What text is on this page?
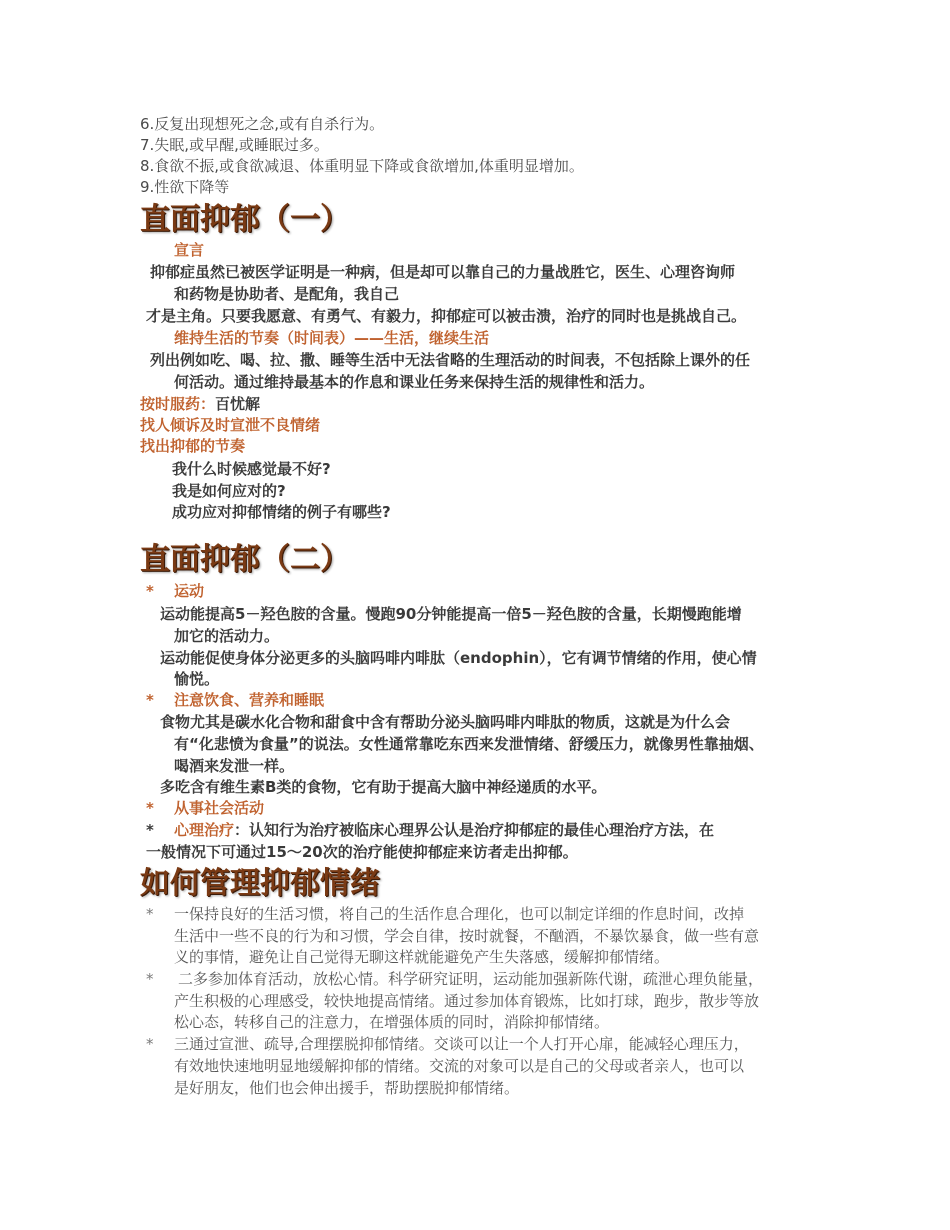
6.反复出现想死之念,或有自杀行为。
7.失眠,或早醒,或睡眠过多。
8.食欲不振,或食欲减退、体重明显下降或食欲增加,体重明显增加。
9.性欲下降等
直面抑郁（一）
宣言
抑郁症虽然已被医学证明是一种病，但是却可以靠自己的力量战胜它，医生、心理咨询师
和药物是协助者、是配角，我自己
才是主角。只要我愿意、有勇气、有毅力，抑郁症可以被击溃，治疗的同时也是挑战自己。
维持生活的节奏（时间表）——生活，继续生活
列出例如吃、喝、拉、撒、睡等生活中无法省略的生理活动的时间表，不包括除上课外的任
何活动。通过维持最基本的作息和课业任务来保持生活的规律性和活力。
按时服药：百忧解
找人倾诉及时宣泄不良情绪
找出抑郁的节奏
我什么时候感觉最不好?
我是如何应对的?
成功应对抑郁情绪的例子有哪些?
直面抑郁（二）
* 运动
运动能提高5－羟色胺的含量。慢跑90分钟能提高一倍5－羟色胺的含量，长期慢跑能增
加它的活动力。
运动能促使身体分泌更多的头脑吗啡内啡肽（endophin），它有调节情绪的作用，使心情
愉悦。
* 注意饮食、营养和睡眠
食物尤其是碳水化合物和甜食中含有帮助分泌头脑吗啡内啡肽的物质，这就是为什么会
有“化悲愤为食量”的说法。女性通常靠吃东西来发泄情绪、舒缓压力，就像男性靠抽烟、
喝酒来发泄一样。
多吃含有维生素B类的食物，它有助于提高大脑中神经递质的水平。
* 从事社会活动
* 心理治疗：认知行为治疗被临床心理界公认是治疗抑郁症的最佳心理治疗方法，在
一般情况下可通过15～20次的治疗能使抑郁症来访者走出抑郁。
如何管理抑郁情绪
* 一保持良好的生活习惯，将自己的生活作息合理化，也可以制定详细的作息时间，改掉
生活中一些不良的行为和习惯，学会自律，按时就餐，不酗酒，不暴饮暴食，做一些有意
义的事情，避免让自己觉得无聊这样就能避免产生失落感，缓解抑郁情绪。
* 二多参加体育活动，放松心情。科学研究证明，运动能加强新陈代谢，疏泄心理负能量，
产生积极的心理感受，较快地提高情绪。通过参加体育锻炼，比如打球，跑步，散步等放
松心态，转移自己的注意力，在增强体质的同时，消除抑郁情绪。
* 三通过宣泄、疏导,合理摆脱抑郁情绪。交谈可以让一个人打开心扉，能减轻心理压力，
有效地快速地明显地缓解抑郁的情绪。交流的对象可以是自己的父母或者亲人，也可以
是好朋友，他们也会伸出援手，帮助摆脱抑郁情绪。
